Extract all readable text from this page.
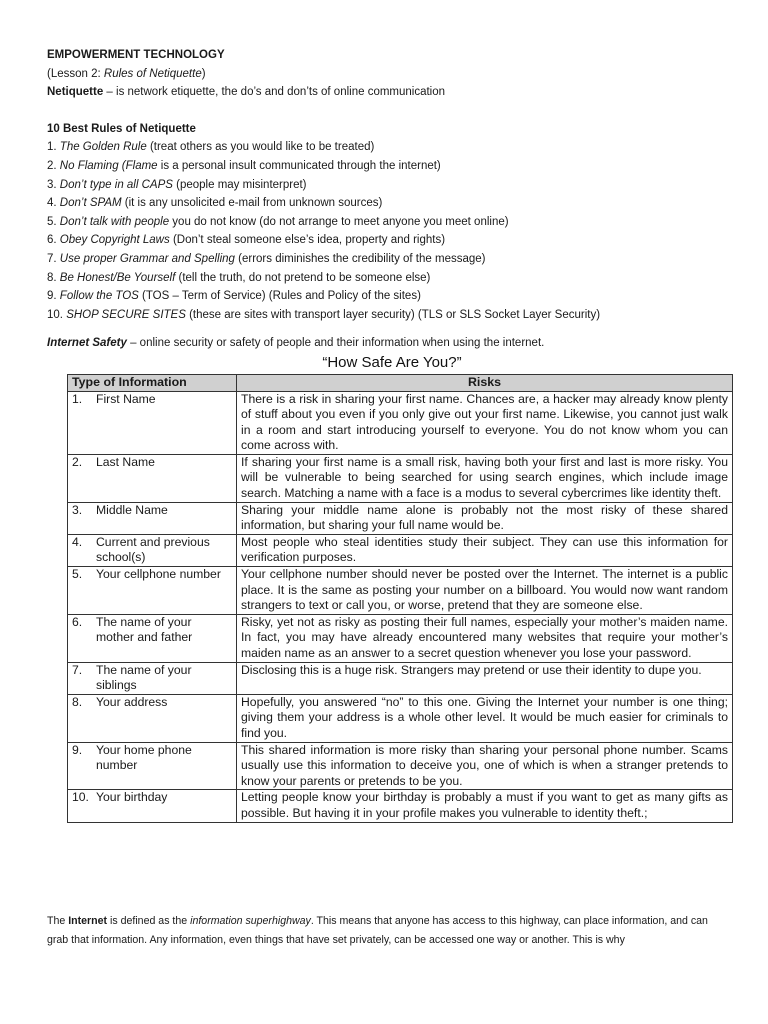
EMPOWERMENT TECHNOLOGY
(Lesson 2: Rules of Netiquette)
Netiquette – is network etiquette, the do’s and don’ts of online communication
10 Best Rules of Netiquette
1. The Golden Rule (treat others as you would like to be treated)
2. No Flaming (Flame is a personal insult communicated through the internet)
3. Don’t type in all CAPS (people may misinterpret)
4. Don’t SPAM (it is any unsolicited e-mail from unknown sources)
5. Don’t talk with people you do not know (do not arrange to meet anyone you meet online)
6. Obey Copyright Laws (Don’t steal someone else’s idea, property and rights)
7. Use proper Grammar and Spelling (errors diminishes the credibility of the message)
8. Be Honest/Be Yourself (tell the truth, do not pretend to be someone else)
9. Follow the TOS (TOS – Term of Service) (Rules and Policy of the sites)
10. SHOP SECURE SITES (these are sites with transport layer security) (TLS or SLS Socket Layer Security)
Internet Safety – online security or safety of people and their information when using the internet.
“How Safe Are You?”
Type of Information	Risks

1. First Name	There is a risk in sharing your first name. Chances are, a hacker may already know plenty of stuff about you even if you only give out your first name. Likewise, you cannot just walk in a room and start introducing yourself to everyone. You do not know whom you can come across with.

2. Last Name	If sharing your first name is a small risk, having both your first and last is more risky. You will be vulnerable to being searched for using search engines, which include image search. Matching a name with a face is a modus to several cybercrimes like identity theft.

3. Middle Name	Sharing your middle name alone is probably not the most risky of these shared information, but sharing your full name would be.

4. Current and previous school(s)	Most people who steal identities study their subject. They can use this information for verification purposes.

5. Your cellphone number	Your cellphone number should never be posted over the Internet. The internet is a public place. It is the same as posting your number on a billboard. You would now want random strangers to text or call you, or worse, pretend that they are someone else.

6. The name of your mother and father	Risky, yet not as risky as posting their full names, especially your mother’s maiden name. In fact, you may have already encountered many websites that require your mother’s maiden name as an answer to a secret question whenever you lose your password.

7. The name of your siblings	Disclosing this is a huge risk. Strangers may pretend or use their identity to dupe you.

8. Your address	Hopefully, you answered “no” to this one. Giving the Internet your number is one thing; giving them your address is a whole other level. It would be much easier for criminals to find you.

9. Your home phone number	This shared information is more risky than sharing your personal phone number. Scams usually use this information to deceive you, one of which is when a stranger pretends to know your parents or pretends to be you.

10. Your birthday	Letting people know your birthday is probably a must if you want to get as many gifts as possible. But having it in your profile makes you vulnerable to identity theft.;
The Internet is defined as the information superhighway. This means that anyone has access to this highway, can place information, and can grab that information. Any information, even things that have set privately, can be accessed one way or another. This is why
